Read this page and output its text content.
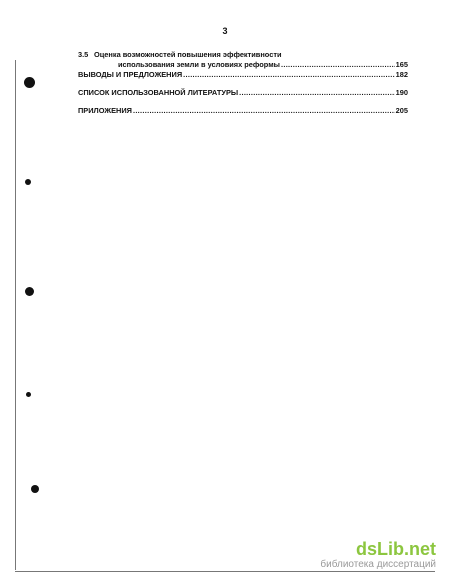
3
3.5 Оценка возможностей повышения эффективности
использования земли в условиях реформы .....	165
ВЫВОДЫ И ПРЕДЛОЖЕНИЯ .....	182
СПИСОК ИСПОЛЬЗОВАННОЙ ЛИТЕРАТУРЫ .....	190
ПРИЛОЖЕНИЯ .....	205
dsLib.net
библиотека диссертаций
